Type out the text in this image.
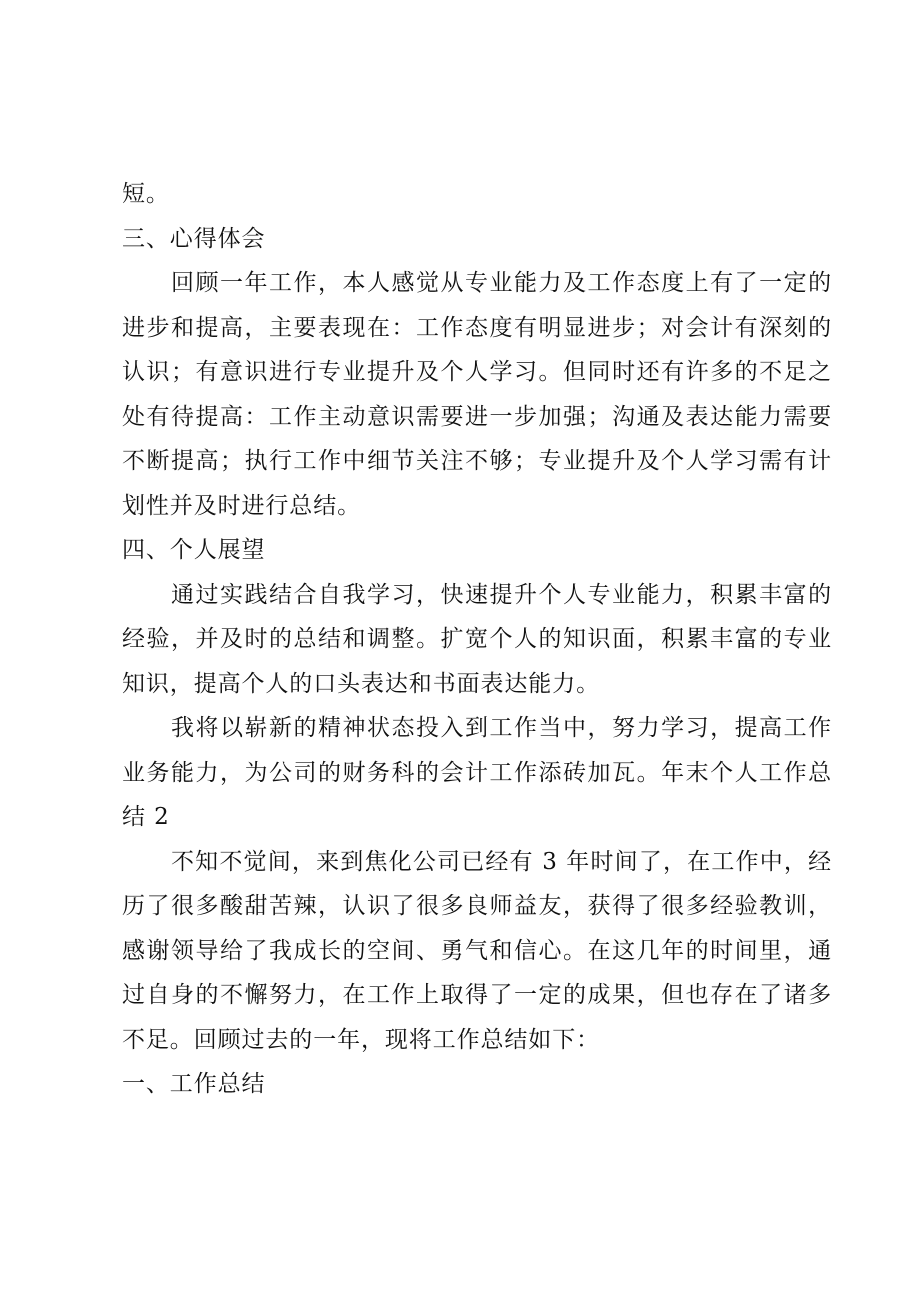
短。

三、心得体会

回顾一年工作，本人感觉从专业能力及工作态度上有了一定的进步和提高，主要表现在：工作态度有明显进步；对会计有深刻的认识；有意识进行专业提升及个人学习。但同时还有许多的不足之处有待提高：工作主动意识需要进一步加强；沟通及表达能力需要不断提高；执行工作中细节关注不够；专业提升及个人学习需有计划性并及时进行总结。

四、个人展望

通过实践结合自我学习，快速提升个人专业能力，积累丰富的经验，并及时的总结和调整。扩宽个人的知识面，积累丰富的专业知识，提高个人的口头表达和书面表达能力。

我将以崭新的精神状态投入到工作当中，努力学习，提高工作业务能力，为公司的财务科的会计工作添砖加瓦。年末个人工作总结 2

不知不觉间，来到焦化公司已经有 3 年时间了，在工作中，经历了很多酸甜苦辣，认识了很多良师益友，获得了很多经验教训，感谢领导给了我成长的空间、勇气和信心。在这几年的时间里，通过自身的不懈努力，在工作上取得了一定的成果，但也存在了诸多不足。回顾过去的一年，现将工作总结如下：

一、工作总结
